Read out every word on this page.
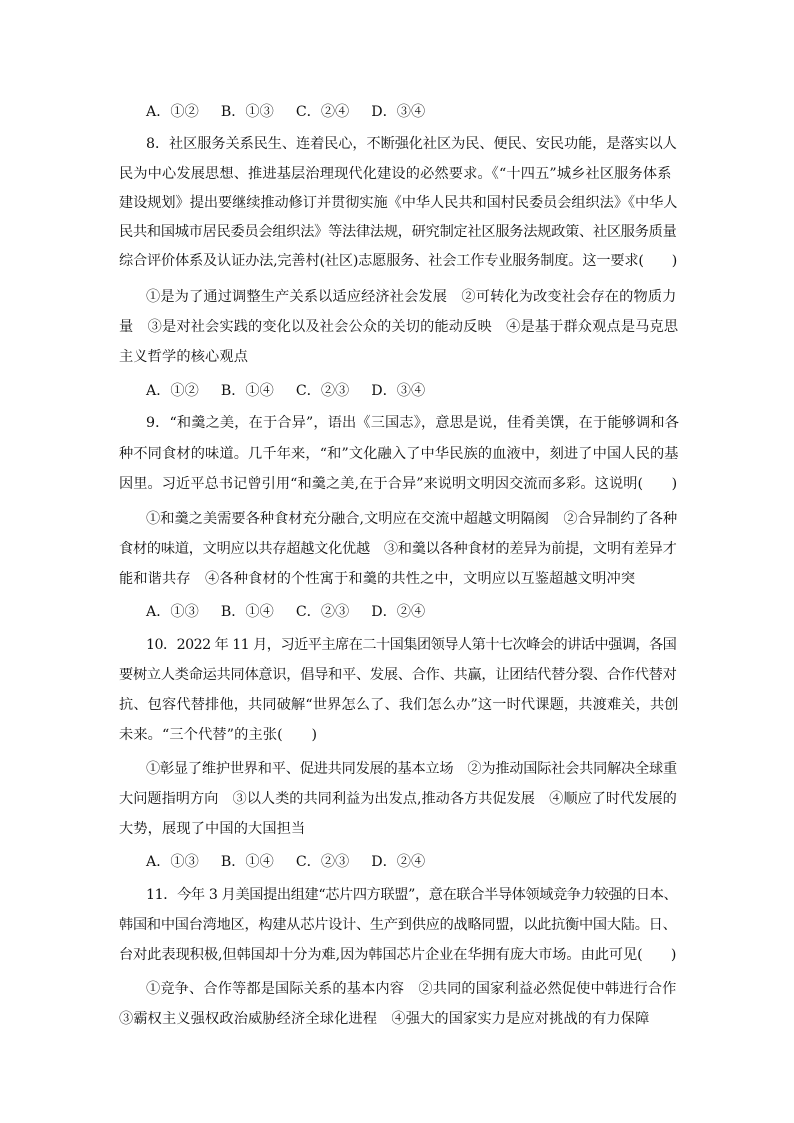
A．①② B．①③ C．②④ D．③④
8．社区服务关系民生、连着民心，不断强化社区为民、便民、安民功能，是落实以人
民为中心发展思想、推进基层治理现代化建设的必然要求。《“十四五”城乡社区服务体系
建设规划》提出要继续推动修订并贯彻实施《中华人民共和国村民委员会组织法》《中华人
民共和国城市居民委员会组织法》等法律法规，研究制定社区服务法规政策、社区服务质量
综合评价体系及认证办法,完善村(社区)志愿服务、社会工作专业服务制度。这一要求(　　)
①是为了通过调整生产关系以适应经济社会发展　②可转化为改变社会存在的物质力
量　③是对社会实践的变化以及社会公众的关切的能动反映　④是基于群众观点是马克思
主义哲学的核心观点
A．①② B．①④ C．②③ D．③④
9．“和羹之美，在于合异”，语出《三国志》，意思是说，佳肴美馔，在于能够调和各
种不同食材的味道。几千年来，“和”文化融入了中华民族的血液中，刻进了中国人民的基
因里。习近平总书记曾引用“和羹之美,在于合异”来说明文明因交流而多彩。这说明(　　)
①和羹之美需要各种食材充分融合,文明应在交流中超越文明隔阂　②合异制约了各种
食材的味道，文明应以共存超越文化优越　③和羹以各种食材的差异为前提，文明有差异才
能和谐共存　④各种食材的个性寓于和羹的共性之中，文明应以互鉴超越文明冲突
A．①③ B．①④ C．②③ D．②④
10．2022 年 11 月，习近平主席在二十国集团领导人第十七次峰会的讲话中强调，各国
要树立人类命运共同体意识，倡导和平、发展、合作、共赢，让团结代替分裂、合作代替对
抗、包容代替排他，共同破解“世界怎么了、我们怎么办”这一时代课题，共渡难关，共创
未来。“三个代替”的主张(　　)
①彰显了维护世界和平、促进共同发展的基本立场　②为推动国际社会共同解决全球重
大问题指明方向　③以人类的共同利益为出发点,推动各方共促发展　④顺应了时代发展的
大势，展现了中国的大国担当
A．①③ B．①④ C．②③ D．②④
11．今年 3 月美国提出组建“芯片四方联盟”，意在联合半导体领域竞争力较强的日本、
韩国和中国台湾地区，构建从芯片设计、生产到供应的战略同盟，以此抗衡中国大陆。日、
台对此表现积极,但韩国却十分为难,因为韩国芯片企业在华拥有庞大市场。由此可见(　　)
①竞争、合作等都是国际关系的基本内容　②共同的国家利益必然促使中韩进行合作
③霸权主义强权政治威胁经济全球化进程　④强大的国家实力是应对挑战的有力保障
